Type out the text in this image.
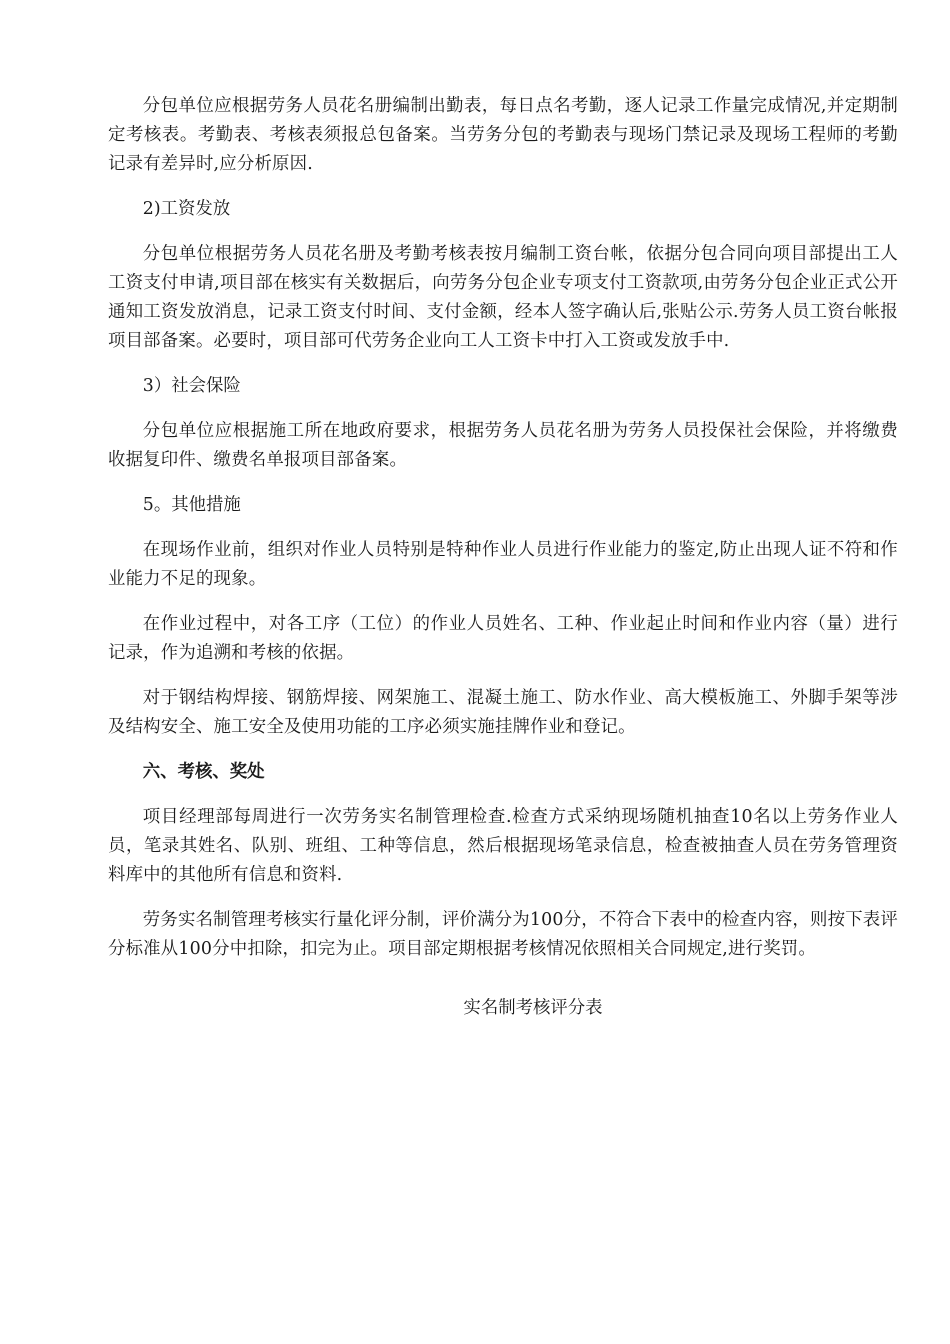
分包单位应根据劳务人员花名册编制出勤表，每日点名考勤，逐人记录工作量完成情况,并定期制定考核表。考勤表、考核表须报总包备案。当劳务分包的考勤表与现场门禁记录及现场工程师的考勤记录有差异时,应分析原因.

2)工资发放

分包单位根据劳务人员花名册及考勤考核表按月编制工资台帐，依据分包合同向项目部提出工人工资支付申请,项目部在核实有关数据后，向劳务分包企业专项支付工资款项,由劳务分包企业正式公开通知工资发放消息，记录工资支付时间、支付金额，经本人签字确认后,张贴公示.劳务人员工资台帐报项目部备案。必要时，项目部可代劳务企业向工人工资卡中打入工资或发放手中.

3）社会保险

分包单位应根据施工所在地政府要求，根据劳务人员花名册为劳务人员投保社会保险，并将缴费收据复印件、缴费名单报项目部备案。

5。其他措施

在现场作业前，组织对作业人员特别是特种作业人员进行作业能力的鉴定,防止出现人证不符和作业能力不足的现象。

在作业过程中，对各工序（工位）的作业人员姓名、工种、作业起止时间和作业内容（量）进行记录，作为追溯和考核的依据。

对于钢结构焊接、钢筋焊接、网架施工、混凝土施工、防水作业、高大模板施工、外脚手架等涉及结构安全、施工安全及使用功能的工序必须实施挂牌作业和登记。

六、考核、奖处

项目经理部每周进行一次劳务实名制管理检查.检查方式采纳现场随机抽查10名以上劳务作业人员，笔录其姓名、队别、班组、工种等信息，然后根据现场笔录信息，检查被抽查人员在劳务管理资料库中的其他所有信息和资料.

劳务实名制管理考核实行量化评分制，评价满分为100分，不符合下表中的检查内容，则按下表评分标准从100分中扣除，扣完为止。项目部定期根据考核情况依照相关合同规定,进行奖罚。

实名制考核评分表
